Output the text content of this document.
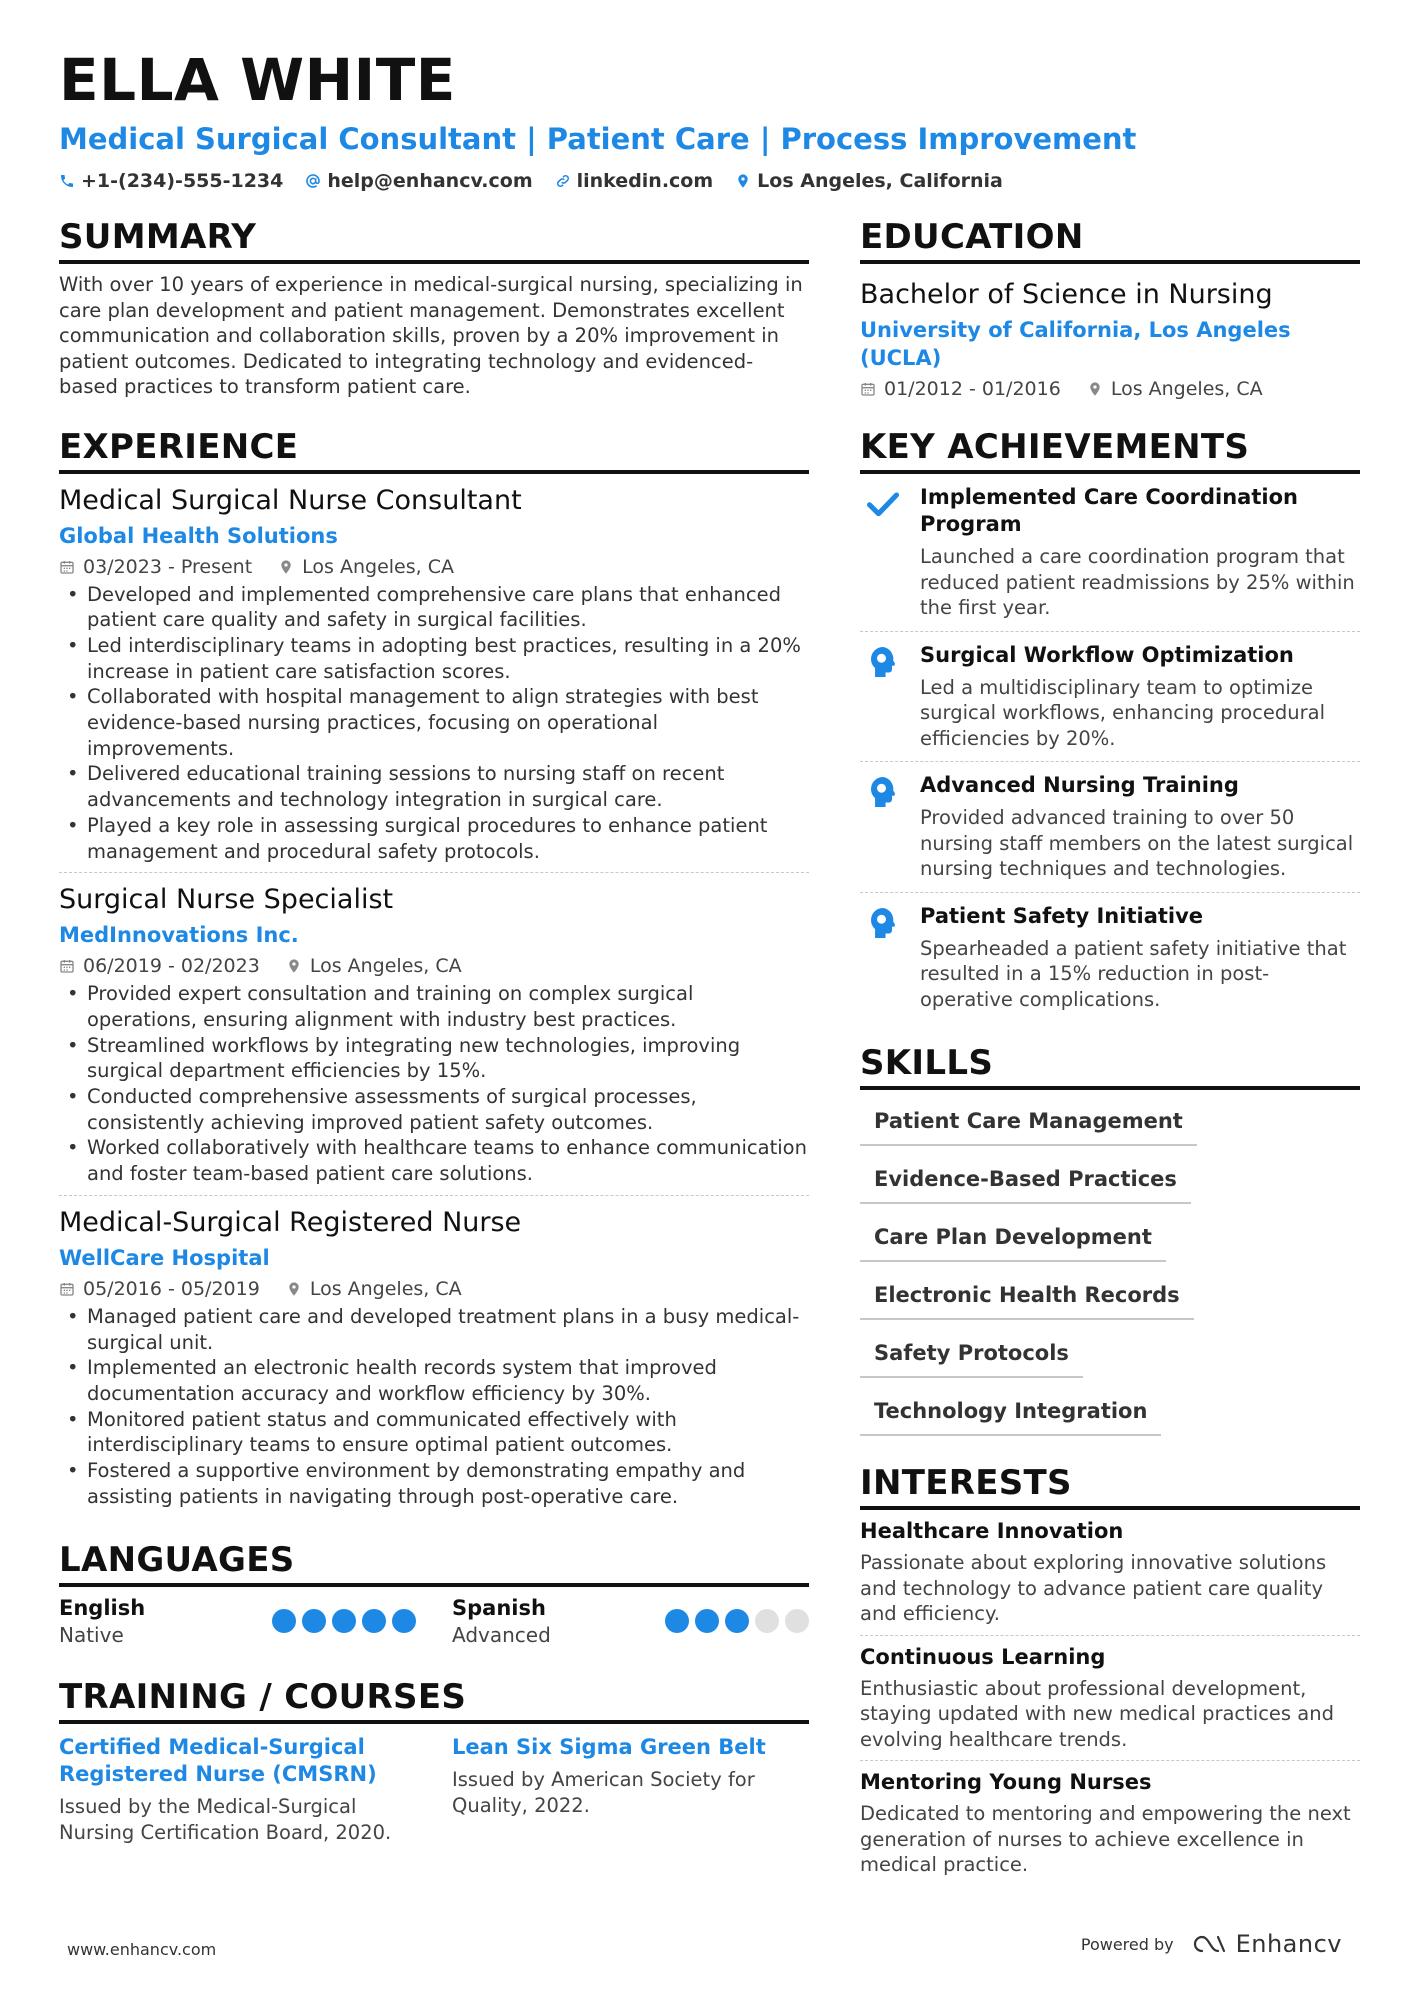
ELLA WHITE
Medical Surgical Consultant | Patient Care | Process Improvement
+1-(234)-555-1234 help@enhancv.com linkedin.com Los Angeles, California
SUMMARY
With over 10 years of experience in medical-surgical nursing, specializing in care plan development and patient management. Demonstrates excellent communication and collaboration skills, proven by a 20% improvement in patient outcomes. Dedicated to integrating technology and evidenced-based practices to transform patient care.
EXPERIENCE
Medical Surgical Nurse Consultant
Global Health Solutions
03/2023 - Present	Los Angeles, CA
• Developed and implemented comprehensive care plans that enhanced patient care quality and safety in surgical facilities.
• Led interdisciplinary teams in adopting best practices, resulting in a 20% increase in patient care satisfaction scores.
• Collaborated with hospital management to align strategies with best evidence-based nursing practices, focusing on operational improvements.
• Delivered educational training sessions to nursing staff on recent advancements and technology integration in surgical care.
• Played a key role in assessing surgical procedures to enhance patient management and procedural safety protocols.
Surgical Nurse Specialist
MedInnovations Inc.
06/2019 - 02/2023	Los Angeles, CA
• Provided expert consultation and training on complex surgical operations, ensuring alignment with industry best practices.
• Streamlined workflows by integrating new technologies, improving surgical department efficiencies by 15%.
• Conducted comprehensive assessments of surgical processes, consistently achieving improved patient safety outcomes.
• Worked collaboratively with healthcare teams to enhance communication and foster team-based patient care solutions.
Medical-Surgical Registered Nurse
WellCare Hospital
05/2016 - 05/2019	Los Angeles, CA
• Managed patient care and developed treatment plans in a busy medical-surgical unit.
• Implemented an electronic health records system that improved documentation accuracy and workflow efficiency by 30%.
• Monitored patient status and communicated effectively with interdisciplinary teams to ensure optimal patient outcomes.
• Fostered a supportive environment by demonstrating empathy and assisting patients in navigating through post-operative care.
LANGUAGES
English
Native
Spanish
Advanced
TRAINING / COURSES
Certified Medical-Surgical Registered Nurse (CMSRN)
Issued by the Medical-Surgical Nursing Certification Board, 2020.
Lean Six Sigma Green Belt
Issued by American Society for Quality, 2022.
EDUCATION
Bachelor of Science in Nursing
University of California, Los Angeles (UCLA)
01/2012 - 01/2016	Los Angeles, CA
KEY ACHIEVEMENTS
Implemented Care Coordination Program
Launched a care coordination program that reduced patient readmissions by 25% within the first year.
Surgical Workflow Optimization
Led a multidisciplinary team to optimize surgical workflows, enhancing procedural efficiencies by 20%.
Advanced Nursing Training
Provided advanced training to over 50 nursing staff members on the latest surgical nursing techniques and technologies.
Patient Safety Initiative
Spearheaded a patient safety initiative that resulted in a 15% reduction in post-operative complications.
SKILLS
Patient Care Management
Evidence-Based Practices
Care Plan Development
Electronic Health Records
Safety Protocols
Technology Integration
INTERESTS
Healthcare Innovation
Passionate about exploring innovative solutions and technology to advance patient care quality and efficiency.
Continuous Learning
Enthusiastic about professional development, staying updated with new medical practices and evolving healthcare trends.
Mentoring Young Nurses
Dedicated to mentoring and empowering the next generation of nurses to achieve excellence in medical practice.
www.enhancv.com	Powered by	Enhancv
